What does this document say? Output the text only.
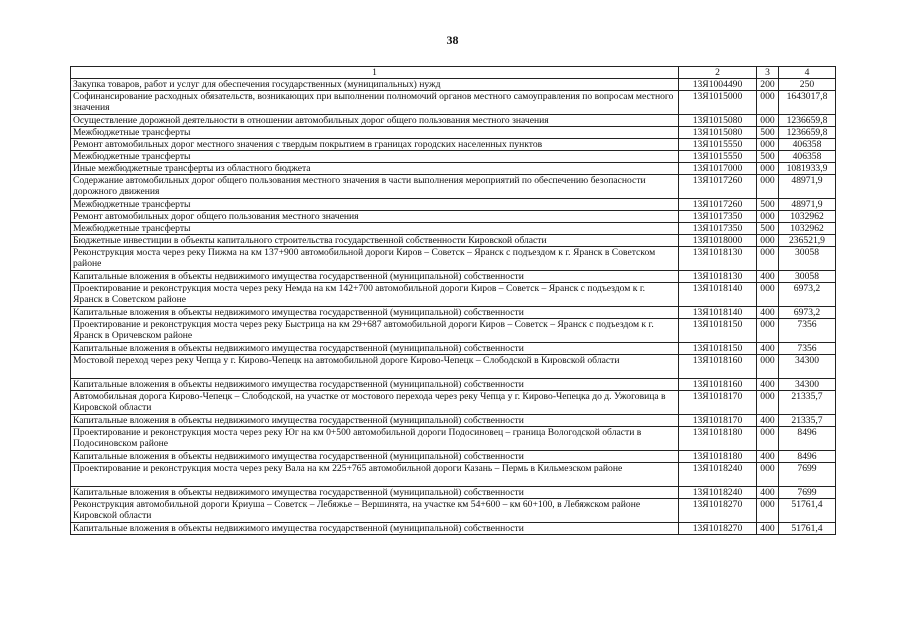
38
1	2	3	4
Закупка товаров, работ и услуг для обеспечения государственных (муниципальных) нужд	13Я1004490	200	250
Софинансирование расходных обязательств, возникающих при выполнении полномочий органов местного самоуправления по вопросам местного значения	13Я1015000	000	1643017,8
Осуществление дорожной деятельности в отношении автомобильных дорог общего пользования местного значения	13Я1015080	000	1236659,8
Межбюджетные трансферты	13Я1015080	500	1236659,8
Ремонт автомобильных дорог местного значения с твердым покрытием в границах городских населенных пунктов	13Я1015550	000	406358
Межбюджетные трансферты	13Я1015550	500	406358
Иные межбюджетные трансферты из областного бюджета	13Я1017000	000	1081933,9
Содержание автомобильных дорог общего пользования местного значения в части выполнения мероприятий по обеспечению безопасности дорожного движения	13Я1017260	000	48971,9
Межбюджетные трансферты	13Я1017260	500	48971,9
Ремонт автомобильных дорог общего пользования местного значения	13Я1017350	000	1032962
Межбюджетные трансферты	13Я1017350	500	1032962
Бюджетные инвестиции в объекты капитального строительства государственной собственности Кировской области	13Я1018000	000	236521,9
Реконструкция моста через реку Пижма на км 137+900 автомобильной дороги Киров – Советск – Яранск с подъездом к г. Яранск в Советском районе	13Я1018130	000	30058
Капитальные вложения в объекты недвижимого имущества государственной (муниципальной) собственности	13Я1018130	400	30058
Проектирование и реконструкция моста через реку Немда на км 142+700 автомобильной дороги Киров – Советск – Яранск с подъездом к г. Яранск в Советском районе	13Я1018140	000	6973,2
Капитальные вложения в объекты недвижимого имущества государственной (муниципальной) собственности	13Я1018140	400	6973,2
Проектирование и реконструкция моста через реку Быстрица на км 29+687 автомобильной дороги Киров – Советск – Яранск с подъездом к г. Яранск в Оричевском районе	13Я1018150	000	7356
Капитальные вложения в объекты недвижимого имущества государственной (муниципальной) собственности	13Я1018150	400	7356
Мостовой переход через реку Чепца у г. Кирово-Чепецк на автомобильной дороге Кирово-Чепецк – Слободской в Кировской области	13Я1018160	000	34300
Капитальные вложения в объекты недвижимого имущества государственной (муниципальной) собственности	13Я1018160	400	34300
Автомобильная дорога Кирово-Чепецк – Слободской, на участке от мостового перехода через реку Чепца у г. Кирово-Чепецка до д. Ужоговица в Кировской области	13Я1018170	000	21335,7
Капитальные вложения в объекты недвижимого имущества государственной (муниципальной) собственности	13Я1018170	400	21335,7
Проектирование и реконструкция моста через реку Юг на км 0+500 автомобильной дороги Подосиновец – граница Вологодской области в Подосиновском районе	13Я1018180	000	8496
Капитальные вложения в объекты недвижимого имущества государственной (муниципальной) собственности	13Я1018180	400	8496
Проектирование и реконструкция моста через реку Вала на км 225+765 автомобильной дороги Казань – Пермь в Кильмезском районе	13Я1018240	000	7699
Капитальные вложения в объекты недвижимого имущества государственной (муниципальной) собственности	13Я1018240	400	7699
Реконструкция автомобильной дороги Криуша – Советск – Лебяжье – Вершинята, на участке км 54+600 – км 60+100, в Лебяжском районе Кировской области	13Я1018270	000	51761,4
Капитальные вложения в объекты недвижимого имущества государственной (муниципальной) собственности	13Я1018270	400	51761,4
